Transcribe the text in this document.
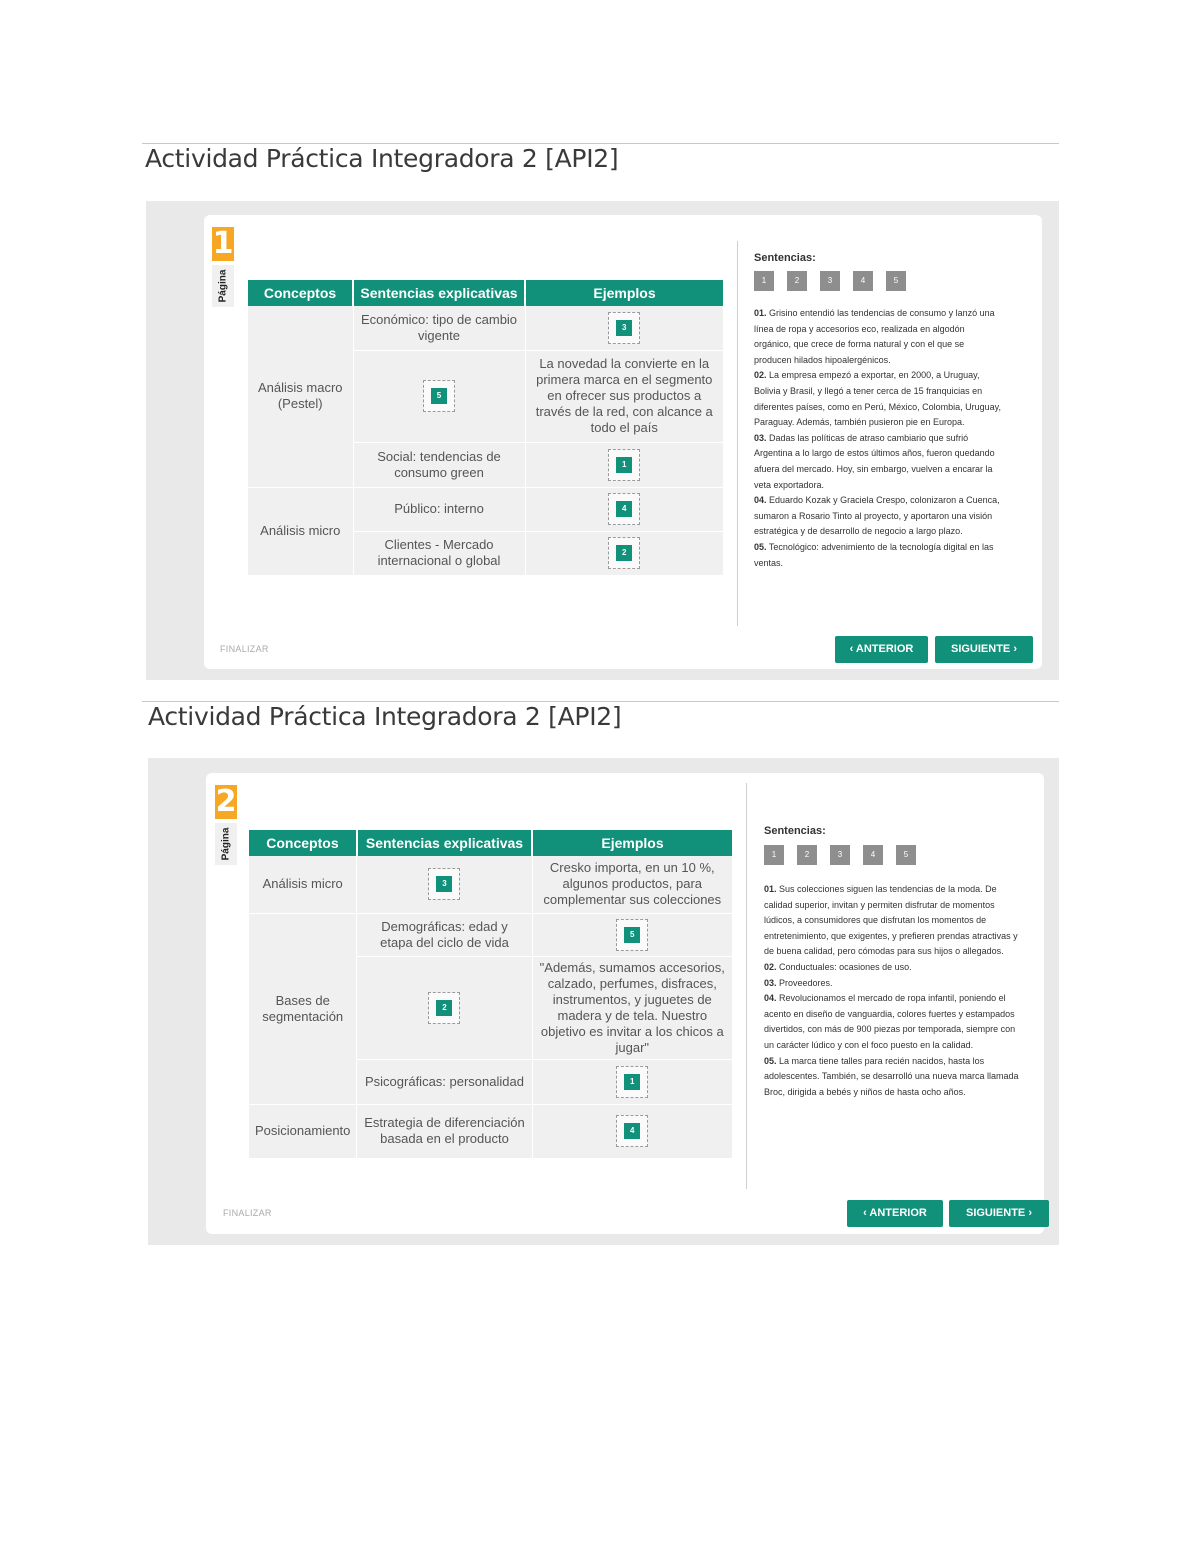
Actividad Práctica Integradora 2 [API2]
1
Página	Conceptos	Sentencias explicativas	Ejemplos
Análisis macro (Pestel)	Económico: tipo de cambio vigente	3

	5	La novedad la convierte en la primera marca en el segmento en ofrecer sus productos a través de la red, con alcance a todo el país
	Social: tendencias de consumo green	1

Análisis micro	Público: interno	4

	Clientes - Mercado internacional o global	2
Sentencias:
1	2	3	4	5

01. Grisino entendió las tendencias de consumo y lanzó una línea de ropa y accesorios eco, realizada en algodón orgánico, que crece de forma natural y con el que se producen hilados hipoalergénicos.

02. La empresa empezó a exportar, en 2000, a Uruguay, Bolivia y Brasil, y llegó a tener cerca de 15 franquicias en diferentes países, como en Perú, México, Colombia, Uruguay, Paraguay. Además, también pusieron pie en Europa.

03. Dadas las políticas de atraso cambiario que sufrió Argentina a lo largo de estos últimos años, fueron quedando afuera del mercado. Hoy, sin embargo, vuelven a encarar la veta exportadora.

04. Eduardo Kozak y Graciela Crespo, colonizaron a Cuenca, sumaron a Rosario Tinto al proyecto, y aportaron una visión estratégica y de desarrollo de negocio a largo plazo.

05. Tecnológico: advenimiento de la tecnología digital en las ventas.

FINALIZAR	‹ ANTERIOR	SIGUIENTE ›
Actividad Práctica Integradora 2 [API2]
2
Página Conceptos	Sentencias explicativas	Ejemplos
Análisis micro	3	Cresko importa, en un 10 %, algunos productos, para complementar sus colecciones
Bases de segmentación	Demográficas: edad y etapa del ciclo de vida	5

	2	"Además, sumamos accesorios, calzado, perfumes, disfraces, instrumentos, y juguetes de madera y de tela. Nuestro objetivo es invitar a los chicos a jugar"
	Psicográficas: personalidad	1

Posicionamiento	Estrategia de diferenciación basada en el producto	4
Sentencias:
1	2	3	4	5

01. Sus colecciones siguen las tendencias de la moda. De calidad superior, invitan y permiten disfrutar de momentos lúdicos, a consumidores que disfrutan los momentos de entretenimiento, que exigentes, y prefieren prendas atractivas y de buena calidad, pero cómodas para sus hijos o allegados.

02. Conductuales: ocasiones de uso.

03. Proveedores.

04. Revolucionamos el mercado de ropa infantil, poniendo el acento en diseño de vanguardia, colores fuertes y estampados divertidos, con más de 900 piezas por temporada, siempre con un carácter lúdico y con el foco puesto en la calidad.

05. La marca tiene talles para recién nacidos, hasta los adolescentes. También, se desarrolló una nueva marca llamada Broc, dirigida a bebés y niños de hasta ocho años.

FINALIZAR	‹ ANTERIOR	SIGUIENTE ›
